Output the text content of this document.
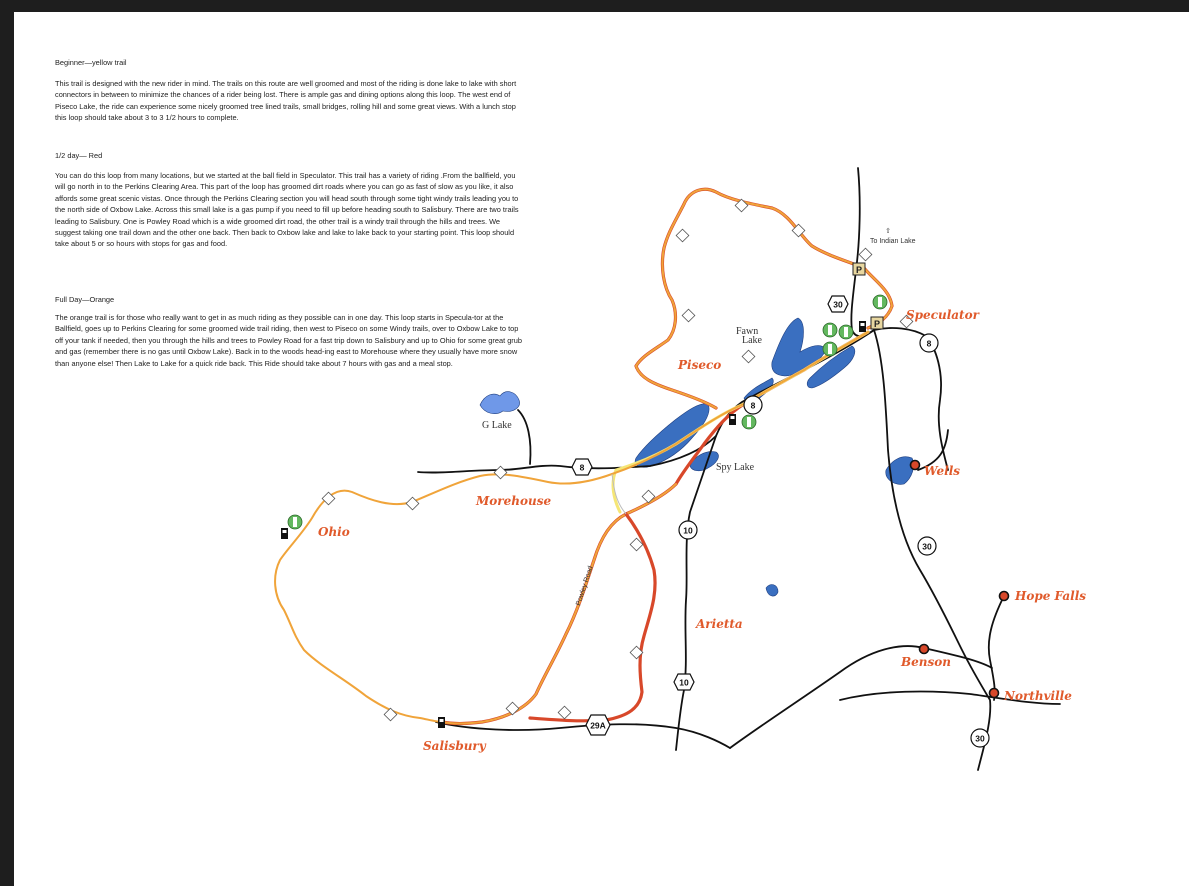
Beginner—yellow trail

This trail is designed with the new rider in mind. The trails on this route are well groomed and most of the riding is done lake to lake with short connectors in between to minimize the chances of a rider being lost. There is ample gas and dining options along this loop. The west end of Piseco Lake, the ride can experience some nicely groomed tree lined trails, small bridges, rolling hill and some great views. With a lunch stop this loop should take about 3 to 3 1/2 hours to complete.

1/2 day— Red

You can do this loop from many locations, but we started at the ball field in Speculator. This trail has a variety of riding .From the ballfield, you will go north in to the Perkins Clearing Area. This part of the loop has groomed dirt roads where you can go as fast of slow as you like, it also affords some great scenic vistas. Once through the Perkins Clearing section you will head south through some tight windy trails leading you to the north side of Oxbow Lake. Across this small lake is a gas pump if you need to fill up before heading south to Salisbury. There are two trails leading to Salisbury. One is Powley Road which is a wide groomed dirt road, the other trail is a windy trail through the hills and trees. We suggest taking one trail down and the other one back. Then back to Oxbow lake and lake to lake back to your starting point. This loop should take about 5 or so hours with stops for gas and food.

Full Day—Orange

The orange trail is for those who really want to get in as much riding as they possible can in one day. This loop starts in Specula-tor at the Ballfield, goes up to Perkins Clearing for some groomed wide trail riding, then west to Piseco on some Windy trails, over to Oxbow Lake to top off your tank if needed, then you through the hills and trees to Powley Road for a fast trip down to Salisbury and up to Ohio for some great grub and gas (remember there is no gas until Oxbow Lake). Back in to the woods head-ing east to Morehouse where they usually have more snow than anyone else! Then Lake to Lake for a quick ride back. This Ride should take about 7 hours with gas and a meal stop.

30
8
8
8
10
10
30
29A
30
P
P
⇧
To Indian Lake
Speculator
Piseco
Morehouse
Ohio
Salisbury
Arietta
Wells
Hope Falls
Benson
Northville
G Lake
Spy Lake
Fawn
Lake
Powley Road
